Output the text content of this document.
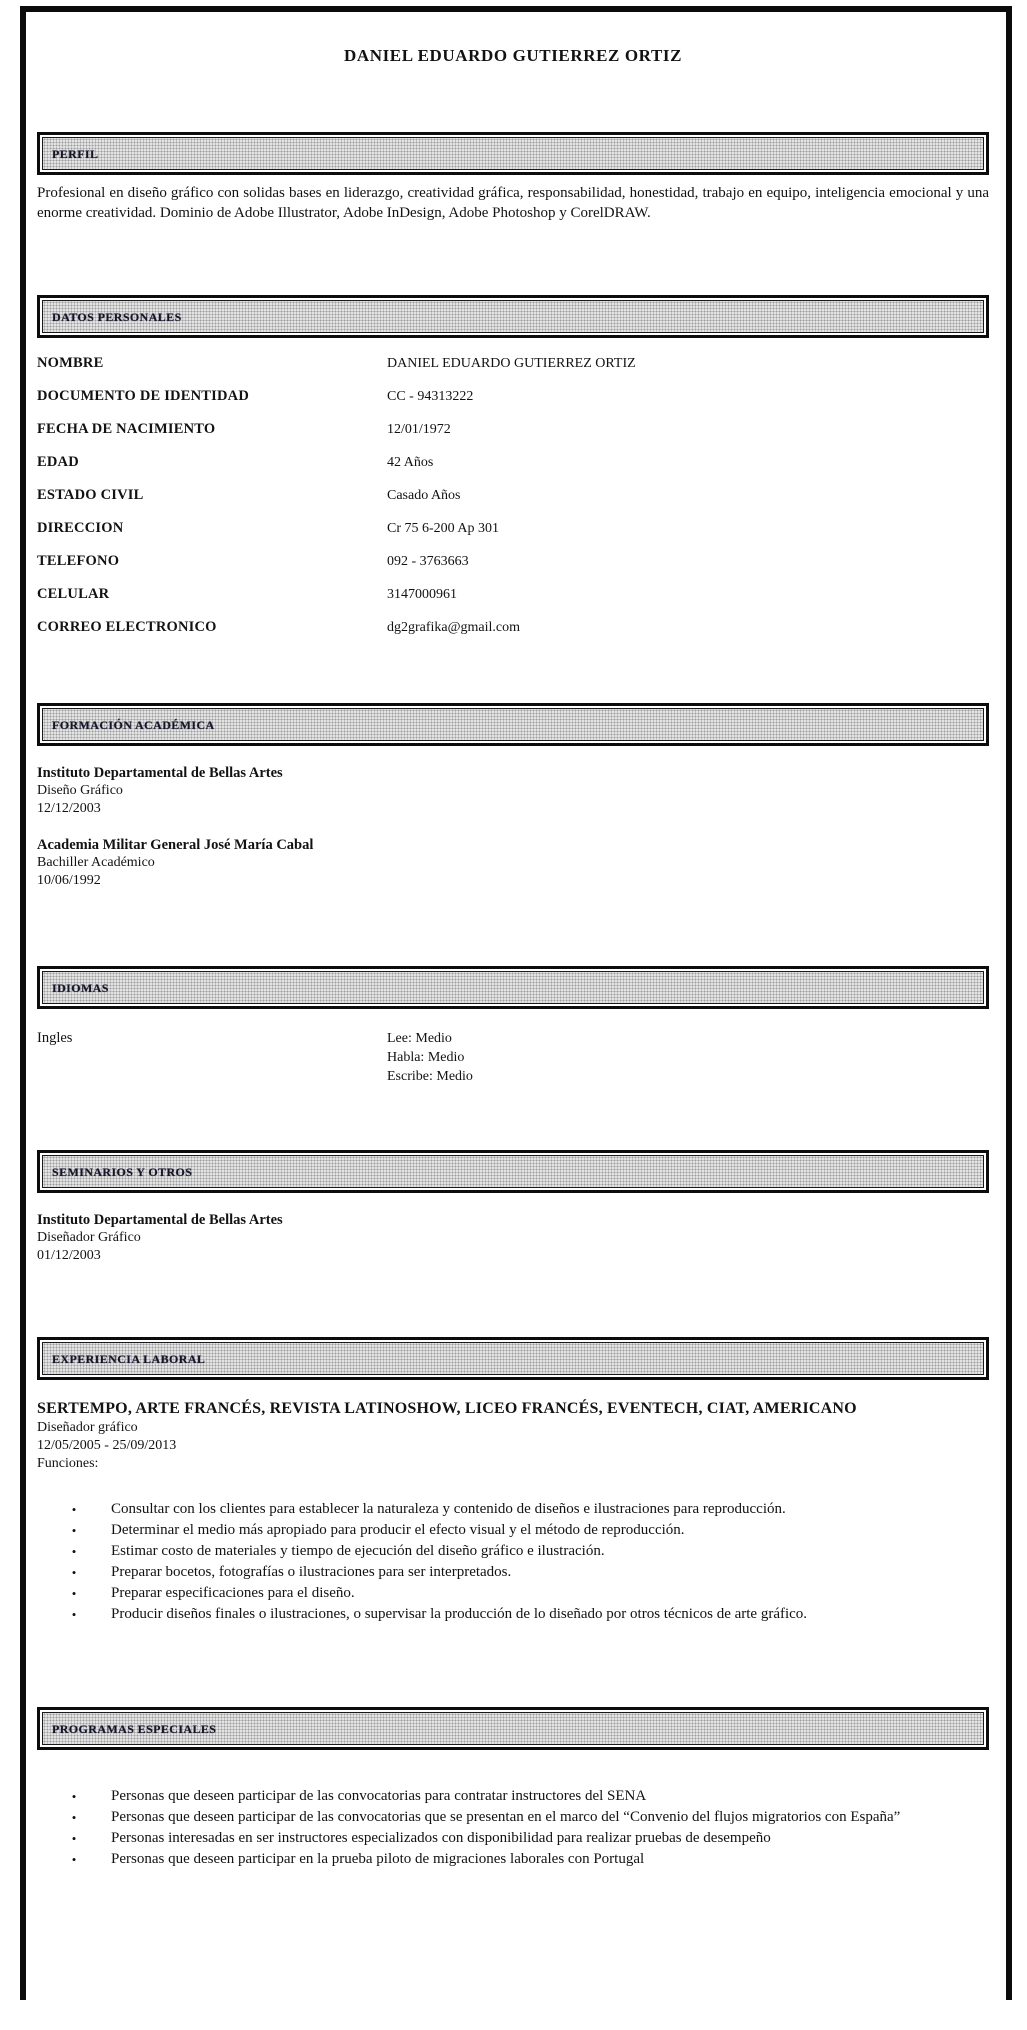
DANIEL EDUARDO GUTIERREZ ORTIZ
PERFIL

Profesional en diseño gráfico con solidas bases en liderazgo, creatividad gráfica, responsabilidad, honestidad, trabajo en equipo, inteligencia emocional y una enorme creatividad. Dominio de Adobe Illustrator, Adobe InDesign, Adobe Photoshop y CorelDRAW.

DATOS PERSONALES
NOMBRE	DANIEL EDUARDO GUTIERREZ ORTIZ
DOCUMENTO DE IDENTIDAD	CC - 94313222
FECHA DE NACIMIENTO	12/01/1972
EDAD	42 Años
ESTADO CIVIL	Casado Años
DIRECCION	Cr 75 6-200 Ap 301
TELEFONO	092 - 3763663
CELULAR	3147000961
CORREO ELECTRONICO	dg2grafika@gmail.com
FORMACIÓN ACADÉMICA
Instituto Departamental de Bellas Artes
Diseño Gráfico
12/12/2003
Academia Militar General José María Cabal
Bachiller Académico
10/06/1992
IDIOMAS
Ingles	Lee: Medio
Habla: Medio
Escribe: Medio
SEMINARIOS Y OTROS
Instituto Departamental de Bellas Artes
Diseñador Gráfico
01/12/2003
EXPERIENCIA LABORAL
SERTEMPO, ARTE FRANCÉS, REVISTA LATINOSHOW, LICEO FRANCÉS, EVENTECH, CIAT, AMERICANO
Diseñador gráfico
12/05/2005 - 25/09/2013
Funciones:
•	Consultar con los clientes para establecer la naturaleza y contenido de diseños e ilustraciones para reproducción.
•	Determinar el medio más apropiado para producir el efecto visual y el método de reproducción.
•	Estimar costo de materiales y tiempo de ejecución del diseño gráfico e ilustración.
•	Preparar bocetos, fotografías o ilustraciones para ser interpretados.
•	Preparar especificaciones para el diseño.
•	Producir diseños finales o ilustraciones, o supervisar la producción de lo diseñado por otros técnicos de arte gráfico.
PROGRAMAS ESPECIALES
•	Personas que deseen participar de las convocatorias para contratar instructores del SENA
•	Personas que deseen participar de las convocatorias que se presentan en el marco del “Convenio del flujos migratorios con España”
•	Personas interesadas en ser instructores especializados con disponibilidad para realizar pruebas de desempeño
•	Personas que deseen participar en la prueba piloto de migraciones laborales con Portugal
